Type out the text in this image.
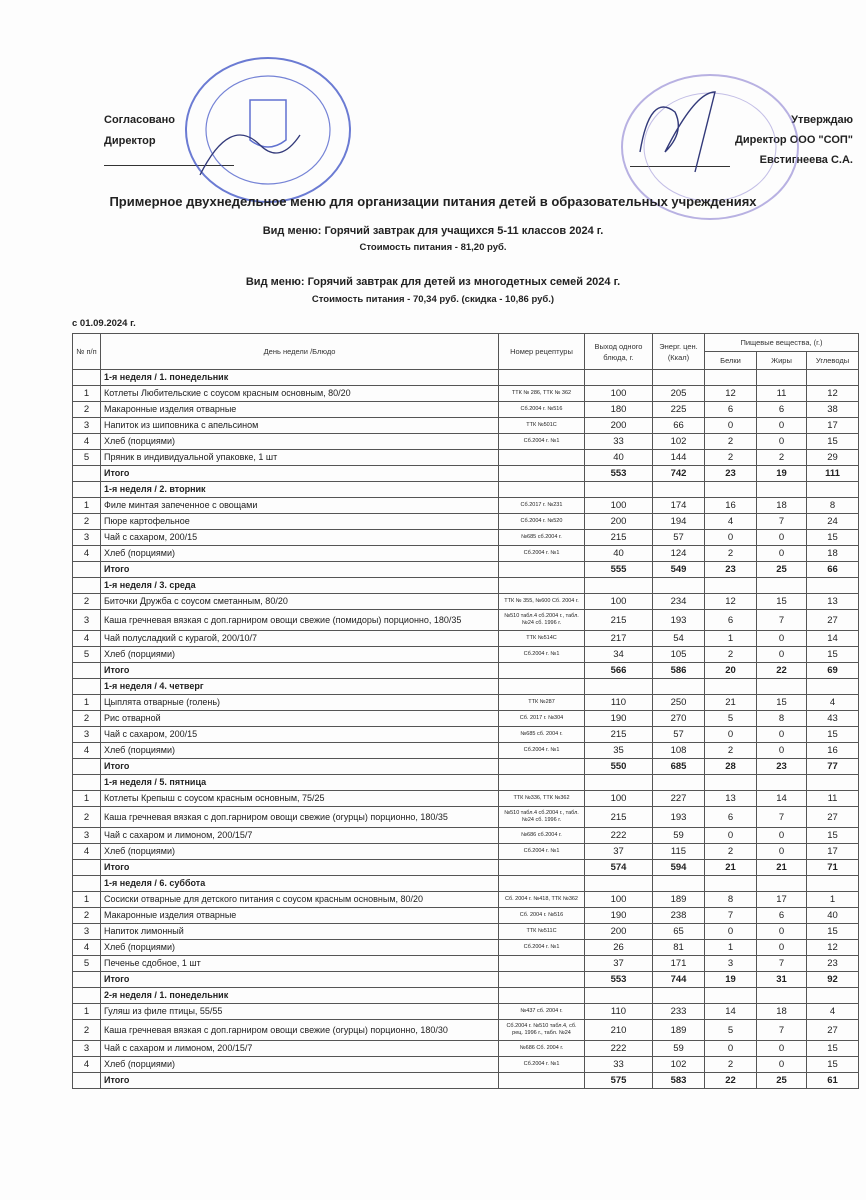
Согласовано
Директор
Утверждаю
Директор ООО "СОП"
Евстигнеева С.А.
Примерное двухнедельное меню для организации питания детей в образовательных учреждениях
Вид меню: Горячий завтрак для учащихся 5-11 классов 2024 г.
Стоимость питания - 81,20 руб.
Вид меню: Горячий завтрак для детей из многодетных семей 2024 г.
Стоимость питания - 70,34 руб. (скидка - 10,86 руб.)
с 01.09.2024 г.
№ п/п	День недели /Блюдо	Номер рецептуры	Выход одного блюда, г.	Энерг. цен. (Ккал)	Пищевые вещества, (г.)		
					Белки	Жиры	Углеводы
	1-я неделя / 1. понедельник						
1	Котлеты Любительские с соусом красным основным, 80/20	ТТК № 286, ТТК № 362	100	205	12	11	12
2	Макаронные изделия отварные	Сб.2004 г. №516	180	225	6	6	38
3	Напиток из шиповника с апельсином	ТТК №501С	200	66	0	0	17
4	Хлеб (порциями)	Сб.2004 г. №1	33	102	2	0	15
5	Пряник в индивидуальной упаковке, 1 шт		40	144	2	2	29
	Итого		553	742	23	19	111
	1-я неделя / 2. вторник						
1	Филе минтая запеченное с овощами	Сб.2017 г. №231	100	174	16	18	8
2	Пюре картофельное	Сб.2004 г. №520	200	194	4	7	24
3	Чай с сахаром, 200/15	№685 сб.2004 г.	215	57	0	0	15
4	Хлеб (порциями)	Сб.2004 г. №1	40	124	2	0	18
	Итого		555	549	23	25	66
	1-я неделя / 3. среда						
2	Биточки Дружба с соусом сметанным, 80/20	ТТК № 355, №600 Сб. 2004 г.	100	234	12	15	13
3	Каша гречневая вязкая с доп.гарниром овощи свежие (помидоры) порционно, 180/35	№510 табл.4 сб.2004 г., табл.№24 сб. 1996 г.	215	193	6	7	27
4	Чай полусладкий с курагой, 200/10/7	ТТК №514С	217	54	1	0	14
5	Хлеб (порциями)	Сб.2004 г. №1	34	105	2	0	15
	Итого		566	586	20	22	69
	1-я неделя / 4. четверг						
1	Цыплята отварные (голень)	ТТК №287	110	250	21	15	4
2	Рис отварной	Сб. 2017 г. №304	190	270	5	8	43
3	Чай с сахаром, 200/15	№685 сб. 2004 г.	215	57	0	0	15
4	Хлеб (порциями)	Сб.2004 г. №1	35	108	2	0	16
	Итого		550	685	28	23	77
	1-я неделя / 5. пятница						
1	Котлеты Крепыш с соусом красным основным, 75/25	ТТК №336, ТТК №362	100	227	13	14	11
2	Каша гречневая вязкая с доп.гарниром овощи свежие (огурцы) порционно, 180/35	№510 табл.4 сб.2004 г., табл.№24 сб. 1996 г.	215	193	6	7	27
3	Чай с сахаром и лимоном, 200/15/7	№686 сб.2004 г.	222	59	0	0	15
4	Хлеб (порциями)	Сб.2004 г. №1	37	115	2	0	17
	Итого		574	594	21	21	71
	1-я неделя / 6. суббота						
1	Сосиски отварные для детского питания с соусом красным основным, 80/20	Сб. 2004 г. №418, ТТК №362	100	189	8	17	1
2	Макаронные изделия отварные	Сб. 2004 г. №516	190	238	7	6	40
3	Напиток лимонный	ТТК №511С	200	65	0	0	15
4	Хлеб (порциями)	Сб.2004 г. №1	26	81	1	0	12
5	Печенье сдобное, 1 шт		37	171	3	7	23
	Итого		553	744	19	31	92
	2-я неделя / 1. понедельник						
1	Гуляш из филе птицы, 55/55	№437 сб. 2004 г.	110	233	14	18	4
2	Каша гречневая вязкая с доп.гарниром овощи свежие (огурцы) порционно, 180/30	Сб.2004 г. №510 табл.4, сб. рец. 1996 г., табл. №24	210	189	5	7	27
3	Чай с сахаром и лимоном, 200/15/7	№686 Сб. 2004 г.	222	59	0	0	15
4	Хлеб (порциями)	Сб.2004 г. №1	33	102	2	0	15
	Итого		575	583	22	25	61
